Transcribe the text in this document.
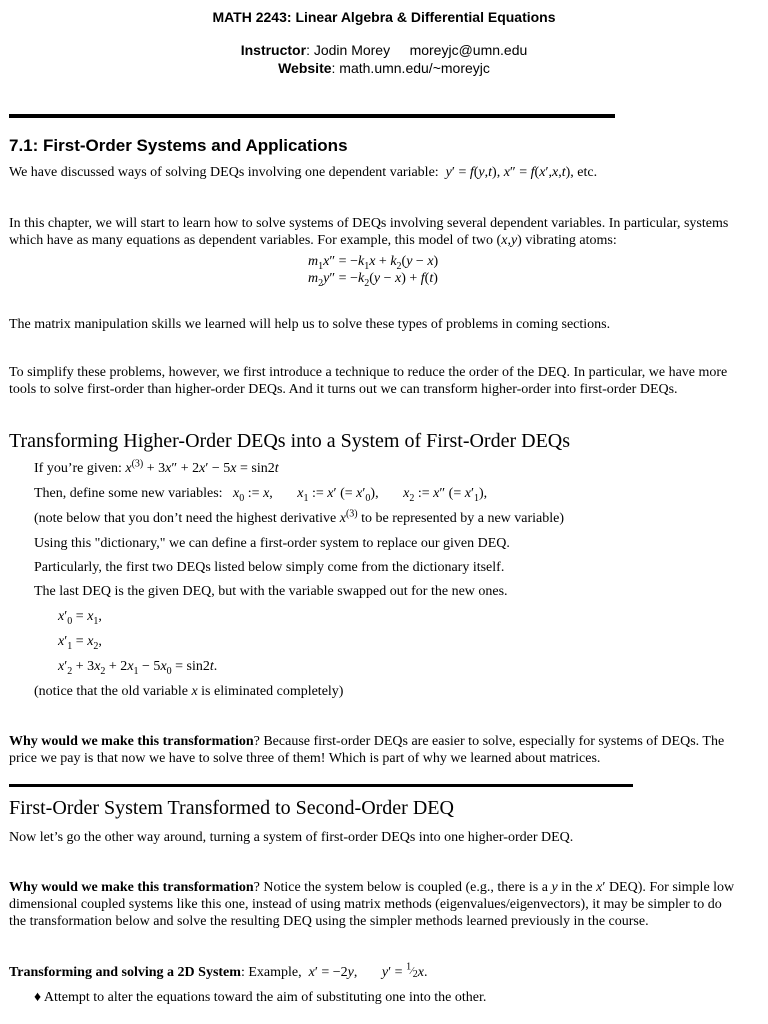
MATH 2243: Linear Algebra & Differential Equations
Instructor: Jodin Morey moreyjc@umn.edu
Website: math.umn.edu/~moreyjc
7.1: First-Order Systems and Applications
We have discussed ways of solving DEQs involving one dependent variable: y′ = f(y,t), x″ = f(x′,x,t), etc.
In this chapter, we will start to learn how to solve systems of DEQs involving several dependent variables. In particular, systems
which have as many equations as dependent variables. For example, this model of two (x,y) vibrating atoms:
$m_1x'' = -k_1x + k_2(y - x)$
$m_2y'' = -k_2(y - x) + f(t)$
The matrix manipulation skills we learned will help us to solve these types of problems in coming sections.
To simplify these problems, however, we first introduce a technique to reduce the order of the DEQ. In particular, we have more
tools to solve first-order than higher-order DEQs. And it turns out we can transform higher-order into first-order DEQs.
Transforming Higher-Order DEQs into a System of First-Order DEQs
If you’re given: $x^{(3)} + 3x'' + 2x' - 5x = \sin 2t$
Then, define some new variables: $x_0$ := x,       $x_1$ := x′ (= $x'_0$),       $x_2$ := x″ (= $x'_1$),
(note below that you don’t need the highest derivative $x^{(3)}$ to be represented by a new variable)
Using this "dictionary," we can define a first-order system to replace our given DEQ.
Particularly, the first two DEQs listed below simply come from the dictionary itself.
The last DEQ is the given DEQ, but with the variable swapped out for the new ones.
$x'_0 = x_1$,
$x'_1 = x_2$,
$x'_2 + 3x_2 + 2x_1 - 5x_0 = \sin 2t$.
(notice that the old variable x is eliminated completely)
Why would we make this transformation? Because first-order DEQs are easier to solve, especially for systems of DEQs. The
price we pay is that now we have to solve three of them! Which is part of why we learned about matrices.
First-Order System Transformed to Second-Order DEQ
Now let’s go the other way around, turning a system of first-order DEQs into one higher-order DEQ.
Why would we make this transformation? Notice the system below is coupled (e.g., there is a y in the x′ DEQ). For simple low
dimensional coupled systems like this one, instead of using matrix methods (eigenvalues/eigenvectors), it may be simpler to do
the transformation below and solve the resulting DEQ using the simpler methods learned previously in the course.
Transforming and solving a 2D System: Example, x′ = −2y,       $y' = ^1⁄_2x$.
♦ Attempt to alter the equations toward the aim of substituting one into the other.
